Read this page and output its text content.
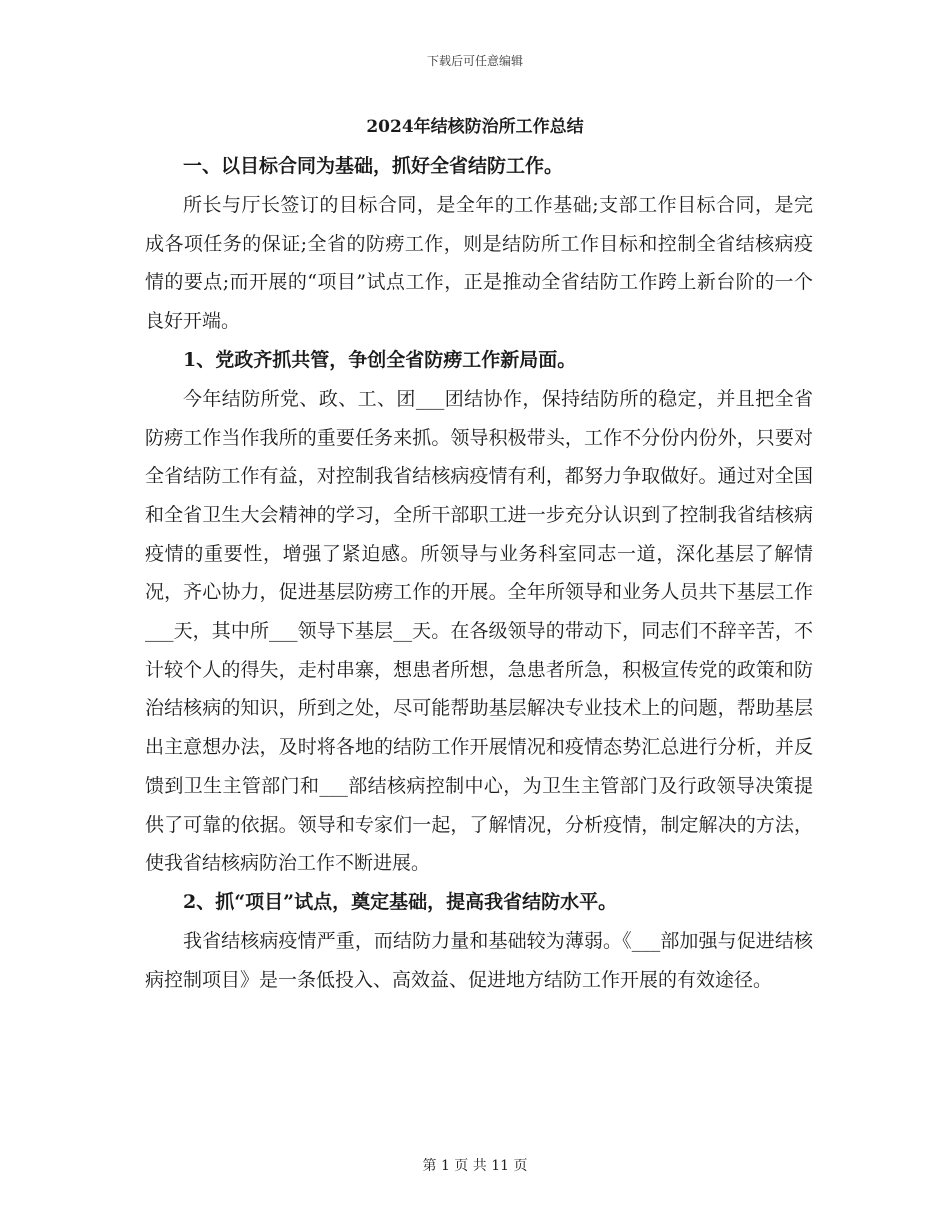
下载后可任意编辑
2024年结核防治所工作总结

一、以目标合同为基础，抓好全省结防工作。

所长与厅长签订的目标合同，是全年的工作基础;支部工作目标合同，是完成各项任务的保证;全省的防痨工作，则是结防所工作目标和控制全省结核病疫情的要点;而开展的“项目”试点工作，正是推动全省结防工作跨上新台阶的一个良好开端。

1、党政齐抓共管，争创全省防痨工作新局面。

今年结防所党、政、工、团___团结协作，保持结防所的稳定，并且把全省防痨工作当作我所的重要任务来抓。领导积极带头，工作不分份内份外，只要对全省结防工作有益，对控制我省结核病疫情有利，都努力争取做好。通过对全国和全省卫生大会精神的学习，全所干部职工进一步充分认识到了控制我省结核病疫情的重要性，增强了紧迫感。所领导与业务科室同志一道，深化基层了解情况，齐心协力，促进基层防痨工作的开展。全年所领导和业务人员共下基层工作___天，其中所___领导下基层__天。在各级领导的带动下，同志们不辞辛苦，不计较个人的得失，走村串寨，想患者所想，急患者所急，积极宣传党的政策和防治结核病的知识，所到之处，尽可能帮助基层解决专业技术上的问题，帮助基层出主意想办法，及时将各地的结防工作开展情况和疫情态势汇总进行分析，并反馈到卫生主管部门和___部结核病控制中心，为卫生主管部门及行政领导决策提供了可靠的依据。领导和专家们一起，了解情况，分析疫情，制定解决的方法，使我省结核病防治工作不断进展。

2、抓“项目”试点，奠定基础，提高我省结防水平。

我省结核病疫情严重，而结防力量和基础较为薄弱。《___部加强与促进结核病控制项目》是一条低投入、高效益、促进地方结防工作开展的有效途径。

第 1 页 共 11 页
